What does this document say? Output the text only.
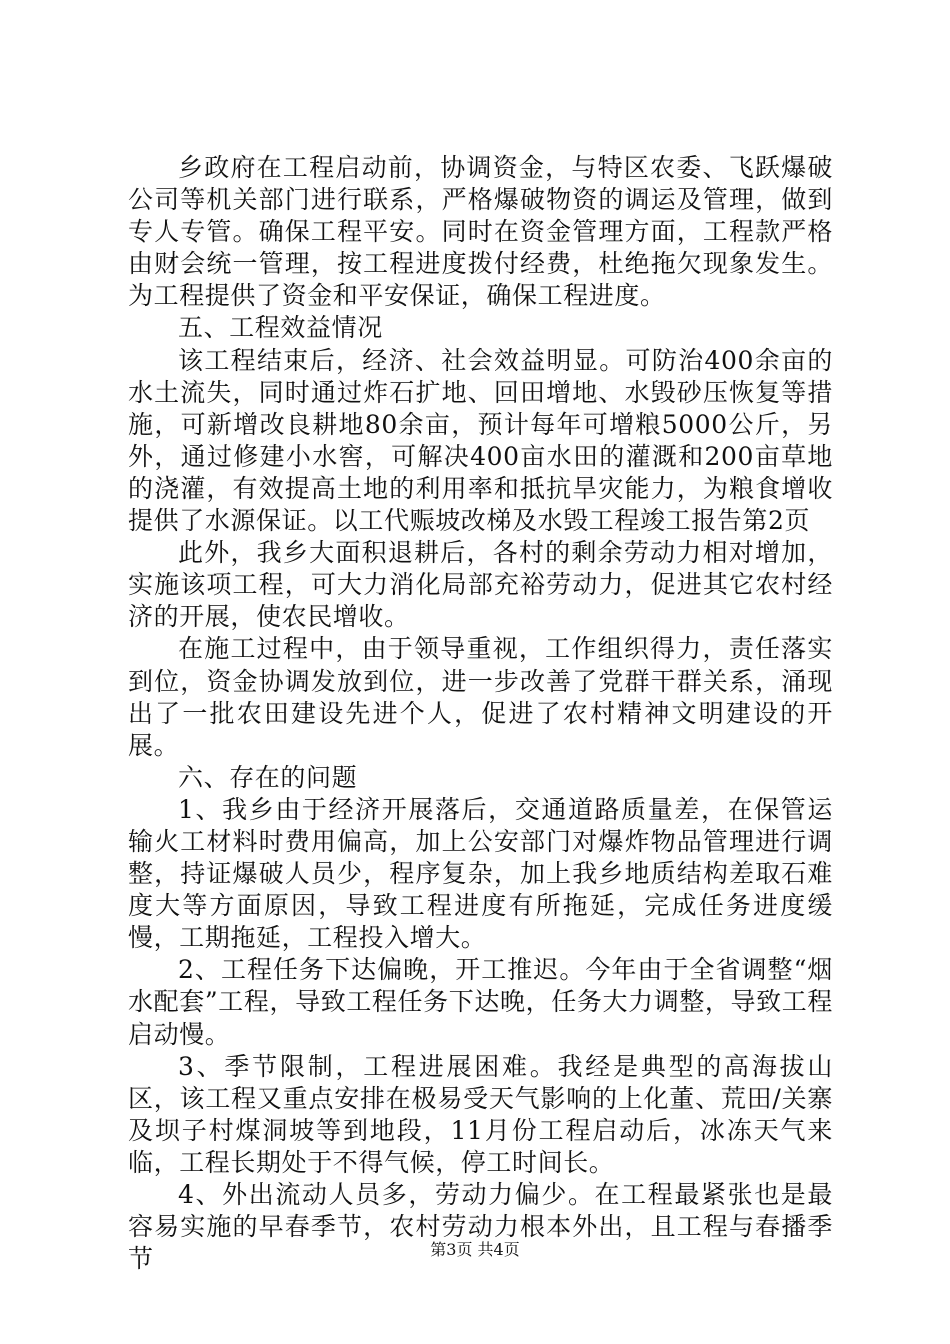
乡政府在工程启动前，协调资金，与特区农委、飞跃爆破公司等机关部门进行联系，严格爆破物资的调运及管理，做到专人专管。确保工程平安。同时在资金管理方面，工程款严格由财会统一管理，按工程进度拨付经费，杜绝拖欠现象发生。为工程提供了资金和平安保证，确保工程进度。

五、工程效益情况

该工程结束后，经济、社会效益明显。可防治400余亩的水土流失，同时通过炸石扩地、回田增地、水毁砂压恢复等措施，可新增改良耕地80余亩，预计每年可增粮5000公斤，另外，通过修建小水窖，可解决400亩水田的灌溉和200亩草地的浇灌，有效提高土地的利用率和抵抗旱灾能力，为粮食增收提供了水源保证。以工代赈坡改梯及水毁工程竣工报告第2页

此外，我乡大面积退耕后，各村的剩余劳动力相对增加，实施该项工程，可大力消化局部充裕劳动力，促进其它农村经济的开展，使农民增收。

在施工过程中，由于领导重视，工作组织得力，责任落实到位，资金协调发放到位，进一步改善了党群干群关系，涌现出了一批农田建设先进个人，促进了农村精神文明建设的开展。

六、存在的问题

1、我乡由于经济开展落后，交通道路质量差，在保管运输火工材料时费用偏高，加上公安部门对爆炸物品管理进行调整，持证爆破人员少，程序复杂，加上我乡地质结构差取石难度大等方面原因，导致工程进度有所拖延，完成任务进度缓慢，工期拖延，工程投入增大。

2、工程任务下达偏晚，开工推迟。今年由于全省调整“烟水配套”工程，导致工程任务下达晚，任务大力调整，导致工程启动慢。

3、季节限制，工程进展困难。我经是典型的高海拔山区，该工程又重点安排在极易受天气影响的上化董、荒田/关寨及坝子村煤洞坡等到地段，11月份工程启动后，冰冻天气来临，工程长期处于不得气候，停工时间长。

4、外出流动人员多，劳动力偏少。在工程最紧张也是最容易实施的早春季节，农村劳动力根本外出，且工程与春播季节	第3页 共4页
